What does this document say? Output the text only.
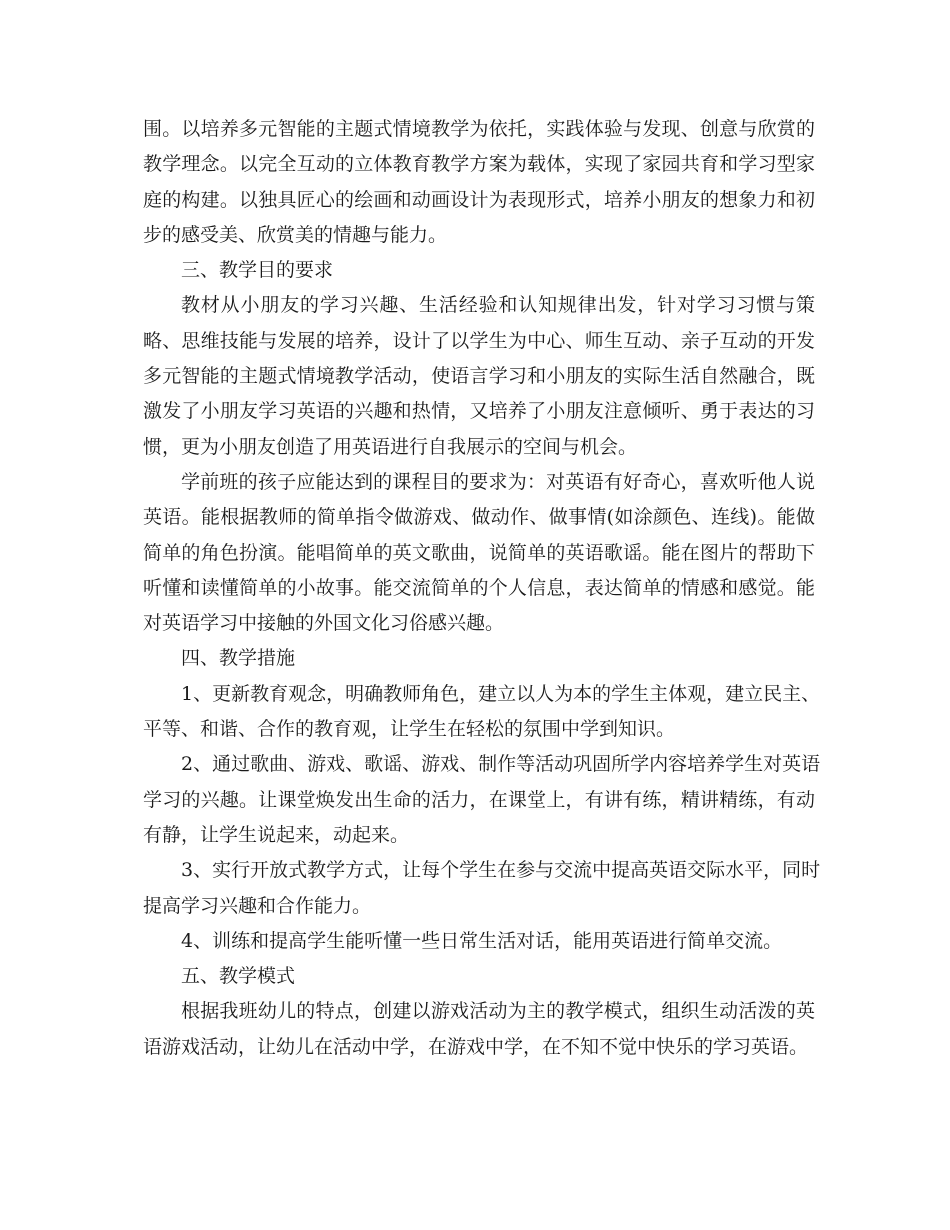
围。以培养多元智能的主题式情境教学为依托，实践体验与发现、创意与欣赏的
教学理念。以完全互动的立体教育教学方案为载体，实现了家园共育和学习型家
庭的构建。以独具匠心的绘画和动画设计为表现形式，培养小朋友的想象力和初
步的感受美、欣赏美的情趣与能力。
三、教学目的要求
教材从小朋友的学习兴趣、生活经验和认知规律出发，针对学习习惯与策
略、思维技能与发展的培养，设计了以学生为中心、师生互动、亲子互动的开发
多元智能的主题式情境教学活动，使语言学习和小朋友的实际生活自然融合，既
激发了小朋友学习英语的兴趣和热情，又培养了小朋友注意倾听、勇于表达的习
惯，更为小朋友创造了用英语进行自我展示的空间与机会。
学前班的孩子应能达到的课程目的要求为：对英语有好奇心，喜欢听他人说
英语。能根据教师的简单指令做游戏、做动作、做事情(如涂颜色、连线)。能做
简单的角色扮演。能唱简单的英文歌曲，说简单的英语歌谣。能在图片的帮助下
听懂和读懂简单的小故事。能交流简单的个人信息，表达简单的情感和感觉。能
对英语学习中接触的外国文化习俗感兴趣。
四、教学措施
1、更新教育观念，明确教师角色，建立以人为本的学生主体观，建立民主、
平等、和谐、合作的教育观，让学生在轻松的氛围中学到知识。
2、通过歌曲、游戏、歌谣、游戏、制作等活动巩固所学内容培养学生对英语
学习的兴趣。让课堂焕发出生命的活力，在课堂上，有讲有练，精讲精练，有动
有静，让学生说起来，动起来。
3、实行开放式教学方式，让每个学生在参与交流中提高英语交际水平，同时
提高学习兴趣和合作能力。
4、训练和提高学生能听懂一些日常生活对话，能用英语进行简单交流。
五、教学模式
根据我班幼儿的特点，创建以游戏活动为主的教学模式，组织生动活泼的英
语游戏活动，让幼儿在活动中学，在游戏中学，在不知不觉中快乐的学习英语。
